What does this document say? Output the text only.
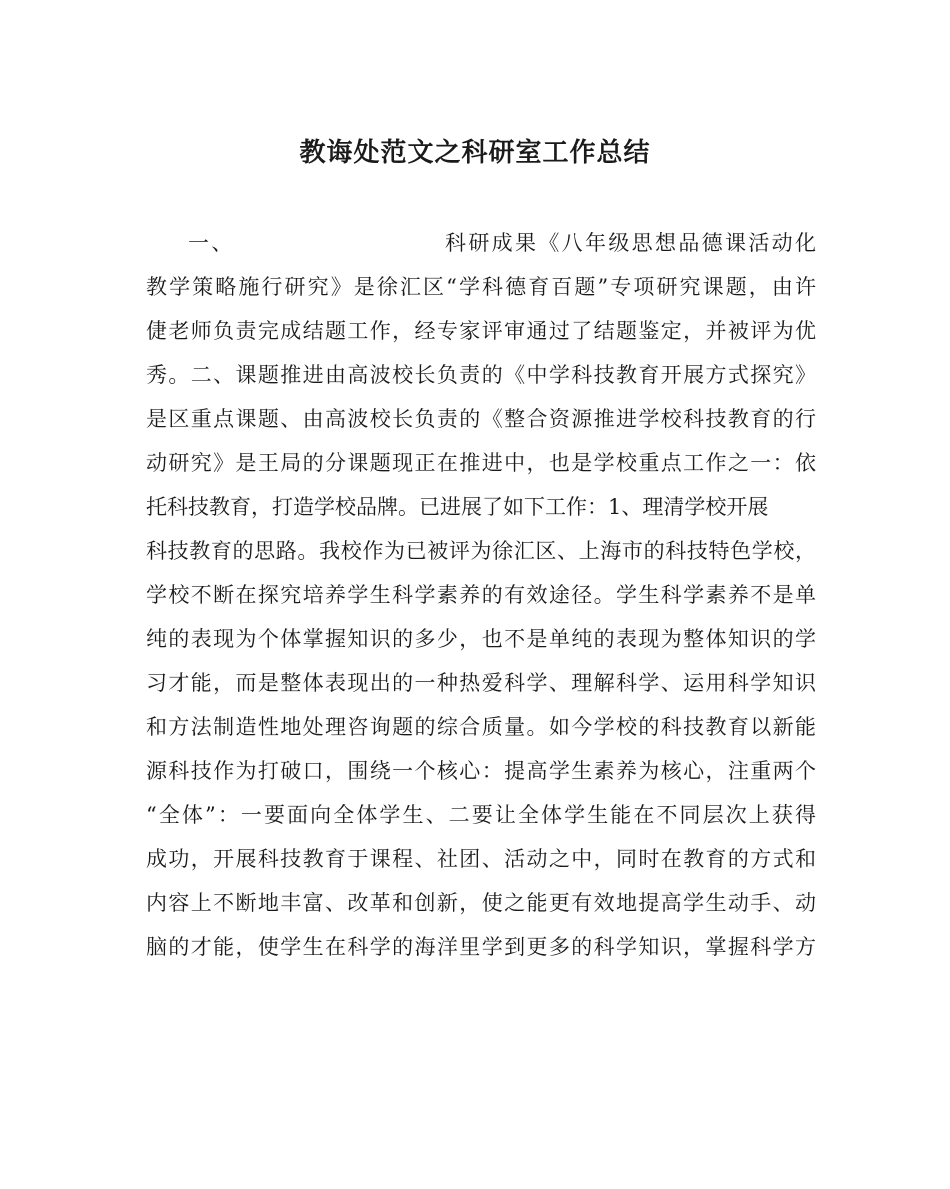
教诲处范文之科研室工作总结
一、	科研成果《八年级思想品德课活动化
教学策略施行研究》是徐汇区“学科德育百题”专项研究课题，由许
倢老师负责完成结题工作，经专家评审通过了结题鉴定，并被评为优
秀。二、课题推进由高波校长负责的《中学科技教育开展方式探究》
是区重点课题、由高波校长负责的《整合资源推进学校科技教育的行
动研究》是王局的分课题现正在推进中，也是学校重点工作之一：依
托科技教育，打造学校品牌。已进展了如下工作：1、理清学校开展
科技教育的思路。我校作为已被评为徐汇区、上海市的科技特色学校，
学校不断在探究培养学生科学素养的有效途径。学生科学素养不是单
纯的表现为个体掌握知识的多少，也不是单纯的表现为整体知识的学
习才能，而是整体表现出的一种热爱科学、理解科学、运用科学知识
和方法制造性地处理咨询题的综合质量。如今学校的科技教育以新能
源科技作为打破口，围绕一个核心：提高学生素养为核心，注重两个
“全体”：一要面向全体学生、二要让全体学生能在不同层次上获得
成功，开展科技教育于课程、社团、活动之中，同时在教育的方式和
内容上不断地丰富、改革和创新，使之能更有效地提高学生动手、动
脑的才能，使学生在科学的海洋里学到更多的科学知识，掌握科学方
